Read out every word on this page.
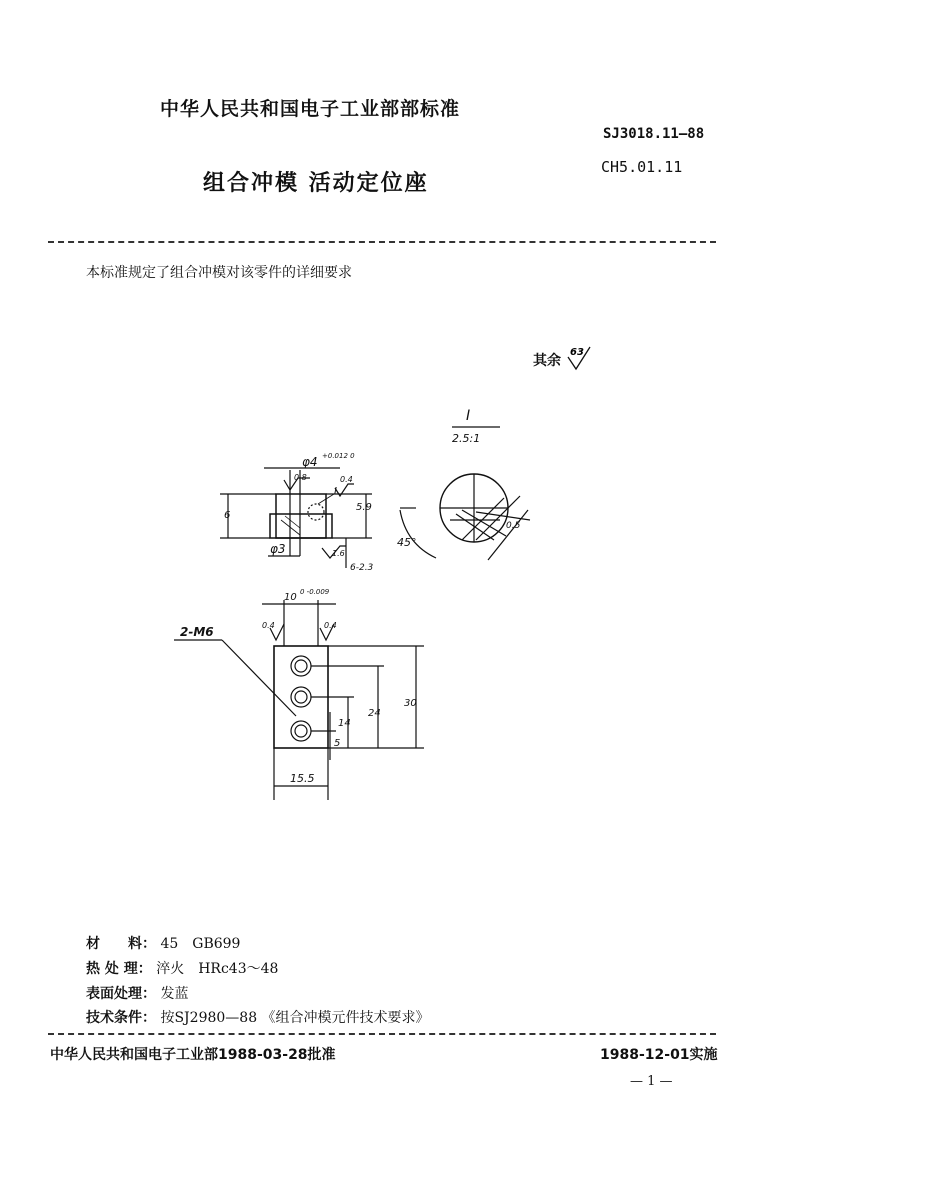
中华人民共和国电子工业部部标准
SJ3018.11—88
组合冲模 活动定位座
CH5.01.11
本标准规定了组合冲模对该零件的详细要求
其余
63
I
2.5:1
45°
0.5
φ4 +0.012 0
6
5.9
φ3
6-2.3
0.8
1.6
0.4
I
10 0 -0.009
2-M6	0.4	0.4
30
24
14
5
15.5
材　　料： 45　GB699
热 处 理： 淬火　HRc43～48
表面处理： 发蓝
技术条件： 按SJ2980—88 《组合冲模元件技术要求》
中华人民共和国电子工业部1988-03-28批准	1988-12-01实施
— 1 —
